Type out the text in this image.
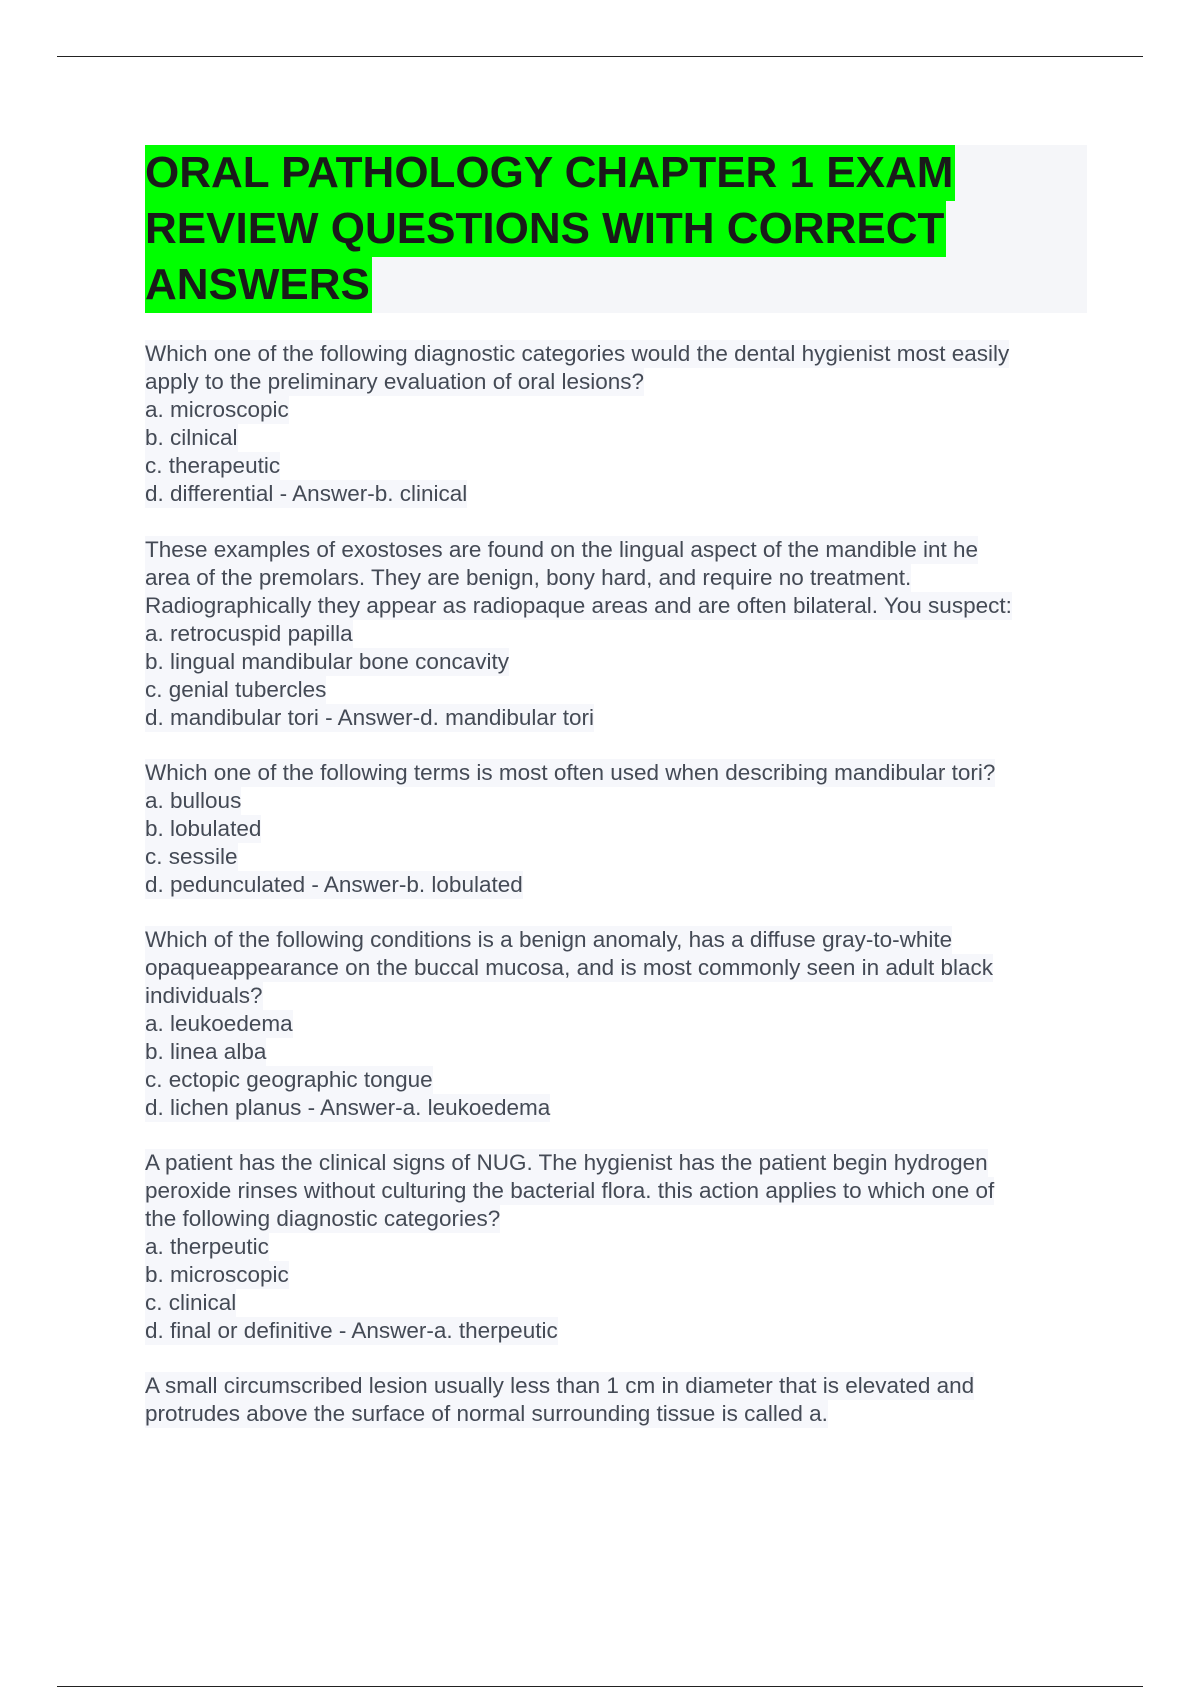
ORAL PATHOLOGY CHAPTER 1 EXAM
REVIEW QUESTIONS WITH CORRECT
ANSWERS
Which one of the following diagnostic categories would the dental hygienist most easily
apply to the preliminary evaluation of oral lesions?
a. microscopic
b. cilnical
c. therapeutic
d. differential - Answer-b. clinical
These examples of exostoses are found on the lingual aspect of the mandible int he
area of the premolars. They are benign, bony hard, and require no treatment.
Radiographically they appear as radiopaque areas and are often bilateral. You suspect:
a. retrocuspid papilla
b. lingual mandibular bone concavity
c. genial tubercles
d. mandibular tori - Answer-d. mandibular tori
Which one of the following terms is most often used when describing mandibular tori?
a. bullous
b. lobulated
c. sessile
d. pedunculated - Answer-b. lobulated
Which of the following conditions is a benign anomaly, has a diffuse gray-to-white
opaqueappearance on the buccal mucosa, and is most commonly seen in adult black
individuals?
a. leukoedema
b. linea alba
c. ectopic geographic tongue
d. lichen planus - Answer-a. leukoedema
A patient has the clinical signs of NUG. The hygienist has the patient begin hydrogen
peroxide rinses without culturing the bacterial flora. this action applies to which one of
the following diagnostic categories?
a. therpeutic
b. microscopic
c. clinical
d. final or definitive - Answer-a. therpeutic
A small circumscribed lesion usually less than 1 cm in diameter that is elevated and
protrudes above the surface of normal surrounding tissue is called a.
